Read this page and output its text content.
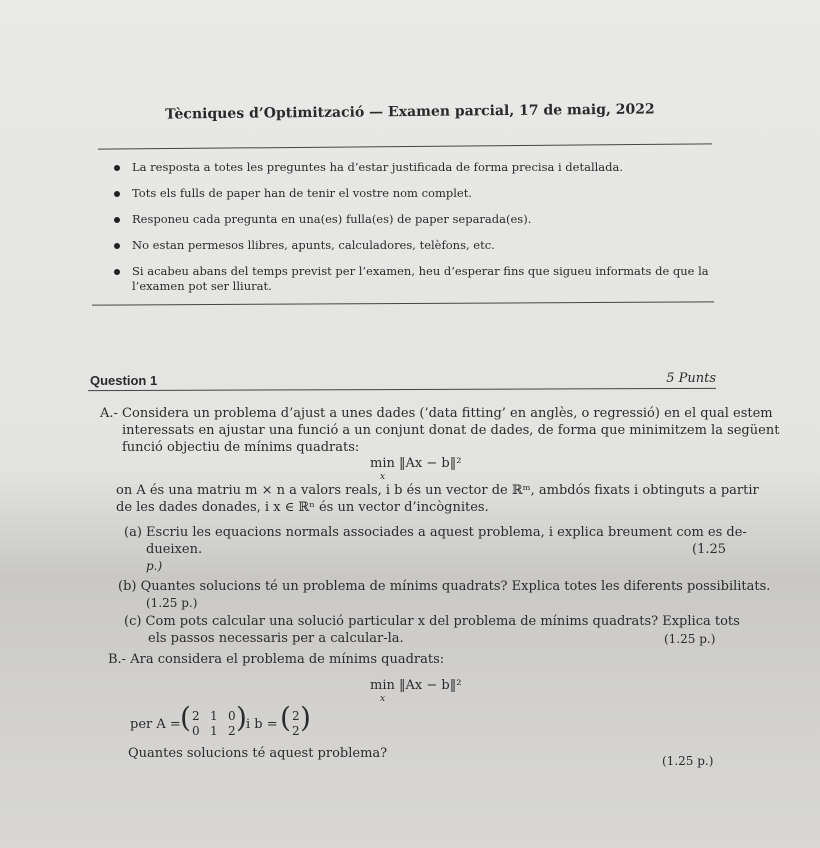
Tècniques d’Optimització — Examen parcial, 17 de maig, 2022
La resposta a totes les preguntes ha d’estar justificada de forma precisa i detallada.
Tots els fulls de paper han de tenir el vostre nom complet.
Responeu cada pregunta en una(es) fulla(es) de paper separada(es).
No estan permesos llibres, apunts, calculadores, telèfons, etc.
Si acabeu abans del temps previst per l’examen, heu d’esperar fins que sigueu informats de que la l’examen pot ser lliurat.
Question 1	5 Punts
A.- Considera un problema d’ajust a unes dades (’data fitting’ en anglès, o regressió) en el qual estem
interessats en ajustar una funció a un conjunt donat de dades, de forma que minimitzem la següent
funció objectiu de mínims quadrats:
min ‖Ax − b‖²
x
on A és una matriu m × n a valors reals, i b és un vector de ℝᵐ, ambdós fixats i obtinguts a partir
de les dades donades, i x ∈ ℝⁿ és un vector d’incògnites.
(a) Escriu les equacions normals associades a aquest problema, i explica breument com es de-
dueixen.	(1.25
p.)
(b) Quantes solucions té un problema de mínims quadrats? Explica totes les diferents possibilitats.
(1.25 p.)
(c) Com pots calcular una solució particular x del problema de mínims quadrats? Explica tots
els passos necessaris per a calcular-la.	(1.25 p.)
B.- Ara considera el problema de mínims quadrats:
min ‖Ax − b‖²
x
per A = ( 2 1 0
0 1 2 ) i b = ( 2
2 )
Quantes solucions té aquest problema?	(1.25 p.)
